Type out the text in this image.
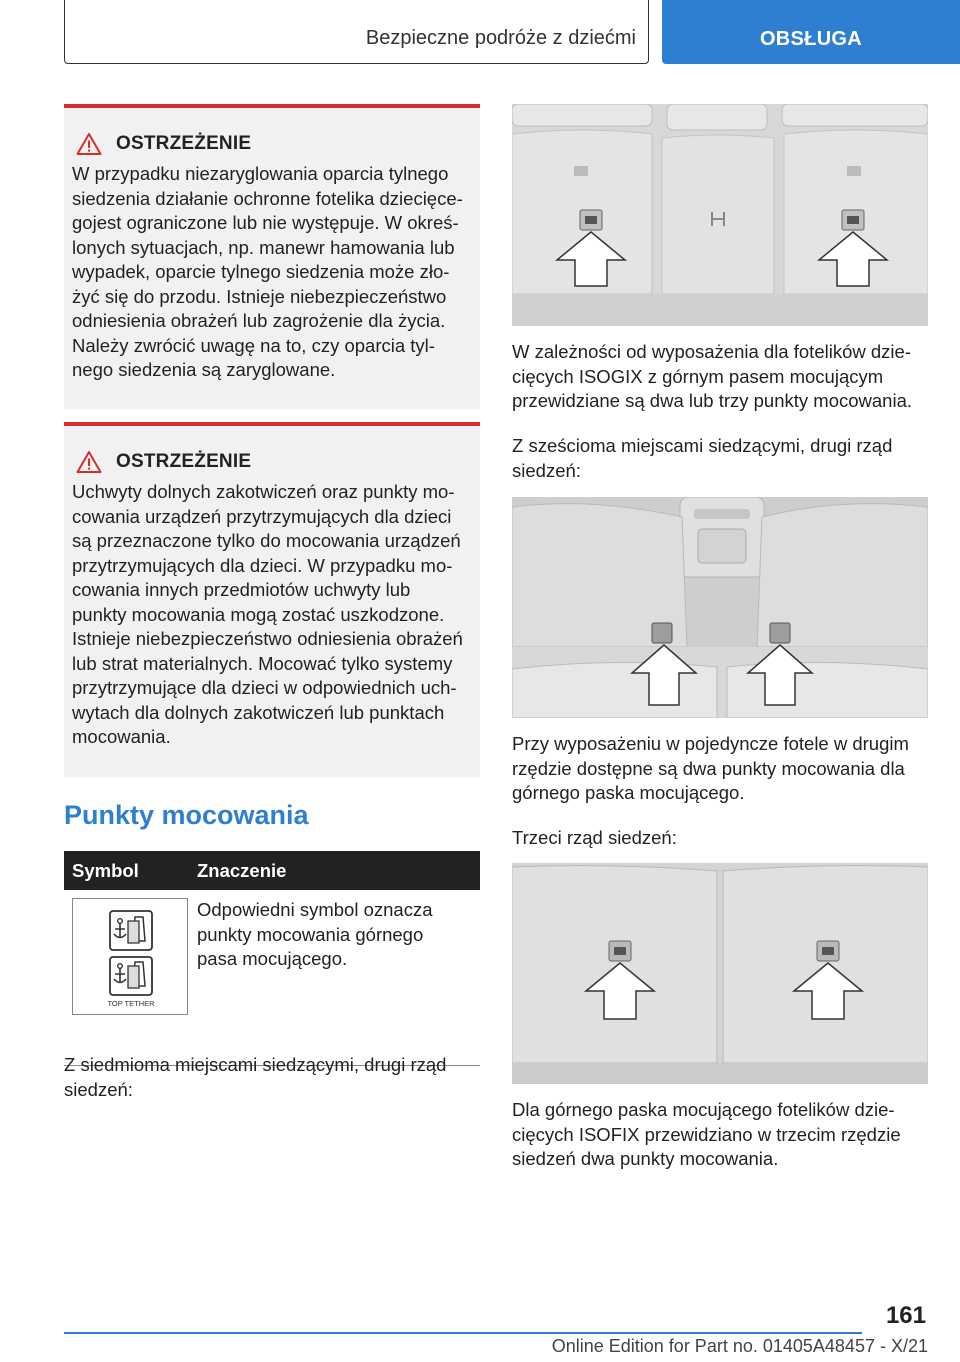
Bezpieczne podróże z dziećmi	OBSŁUGA
OSTRZEŻENIE
W przypadku niezaryglowania oparcia tylnego
siedzenia działanie ochronne fotelika dziecięce-
gojest ograniczone lub nie występuje. W okreś-
lonych sytuacjach, np. manewr hamowania lub
wypadek, oparcie tylnego siedzenia może zło-
żyć się do przodu. Istnieje niebezpieczeństwo
odniesienia obrażeń lub zagrożenie dla życia.
Należy zwrócić uwagę na to, czy oparcia tyl-
nego siedzenia są zaryglowane.
OSTRZEŻENIE
Uchwyty dolnych zakotwiczeń oraz punkty mo-
cowania urządzeń przytrzymujących dla dzieci
są przeznaczone tylko do mocowania urządzeń
przytrzymujących dla dzieci. W przypadku mo-
cowania innych przedmiotów uchwyty lub
punkty mocowania mogą zostać uszkodzone.
Istnieje niebezpieczeństwo odniesienia obrażeń
lub strat materialnych. Mocować tylko systemy
przytrzymujące dla dzieci w odpowiednich uch-
wytach dla dolnych zakotwiczeń lub punktach
mocowania.
Punkty mocowania
Symbol	Znaczenie
TOP TETHER
Odpowiedni symbol oznacza
punkty mocowania górnego
pasa mocującego.
Z siedmioma miejscami siedzącymi, drugi rząd
siedzeń:
W zależności od wyposażenia dla fotelików dzie-
cięcych ISOGIX z górnym pasem mocującym
przewidziane są dwa lub trzy punkty mocowania.
Z sześcioma miejscami siedzącymi, drugi rząd
siedzeń:
Przy wyposażeniu w pojedyncze fotele w drugim
rzędzie dostępne są dwa punkty mocowania dla
górnego paska mocującego.
Trzeci rząd siedzeń:
Dla górnego paska mocującego fotelików dzie-
cięcych ISOFIX przewidziano w trzecim rzędzie
siedzeń dwa punkty mocowania.
161
Online Edition for Part no. 01405A48457 - X/21
